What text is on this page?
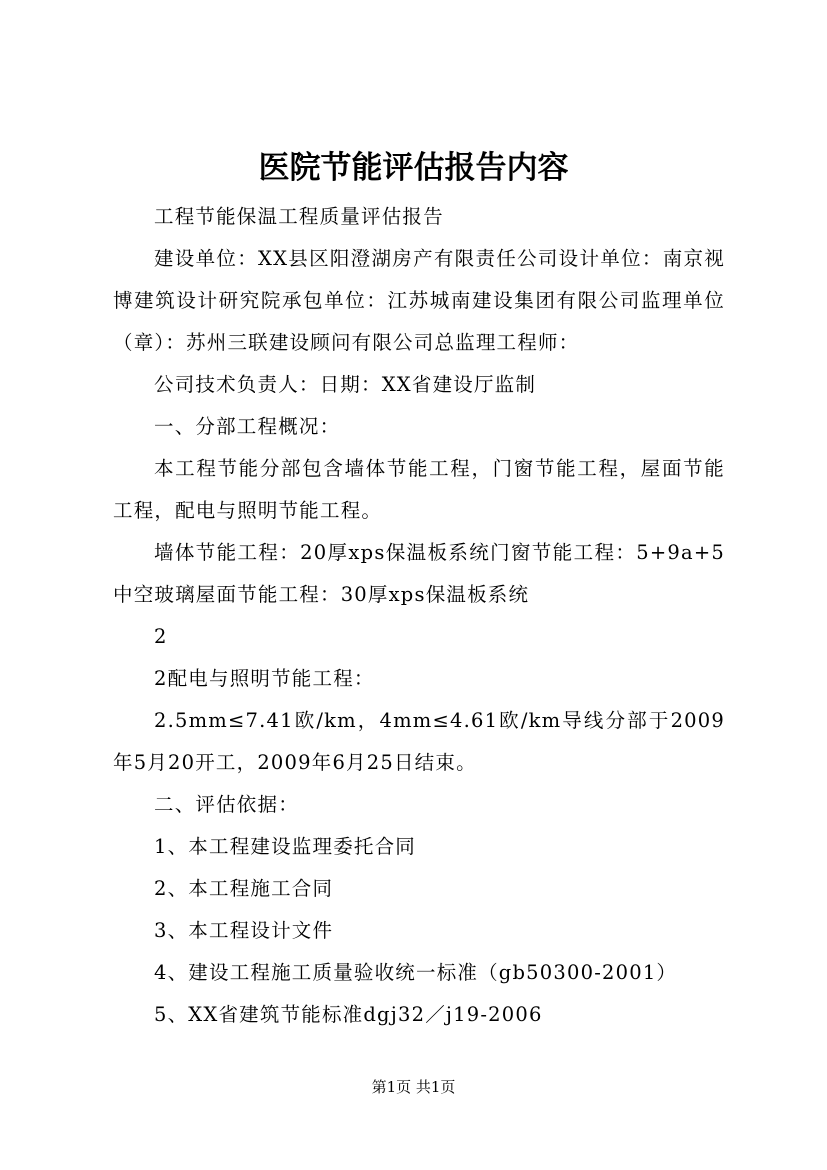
医院节能评估报告内容

工程节能保温工程质量评估报告

建设单位：XX县区阳澄湖房产有限责任公司设计单位：南京视博建筑设计研究院承包单位：江苏城南建设集团有限公司监理单位（章）：苏州三联建设顾问有限公司总监理工程师：

公司技术负责人：日期：XX省建设厅监制

一、分部工程概况：

本工程节能分部包含墙体节能工程，门窗节能工程，屋面节能工程，配电与照明节能工程。

墙体节能工程：20厚xps保温板系统门窗节能工程：5+9a+5中空玻璃屋面节能工程：30厚xps保温板系统

2

2配电与照明节能工程：

2.5mm≤7.41欧/km，4mm≤4.61欧/km导线分部于2009年5月20开工，2009年6月25日结束。

二、评估依据：

1、本工程建设监理委托合同

2、本工程施工合同

3、本工程设计文件

4、建设工程施工质量验收统一标准（gb50300-2001）

5、XX省建筑节能标准dgj32／j19-2006

第1页 共1页
